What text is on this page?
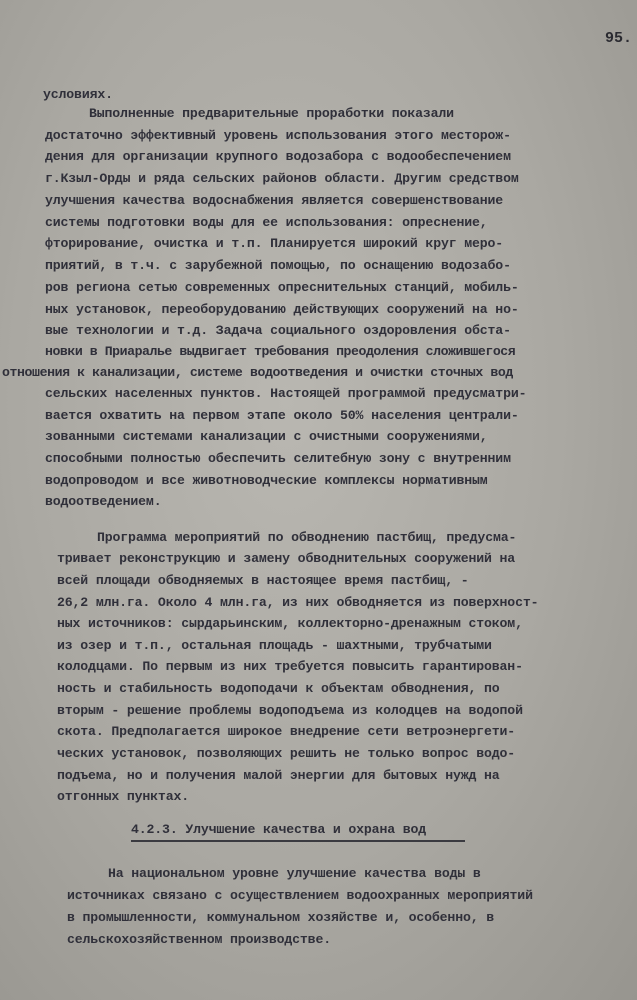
95.
условиях.
Выполненные предварительные проработки показали
достаточно эффективный уровень использования этого месторож-
дения для организации крупного водозабора с водообеспечением
г.Кзыл-Орды и ряда сельских районов области. Другим средством
улучшения качества водоснабжения является совершенствование
системы подготовки воды для ее использования: опреснение,
фторирование, очистка и т.п. Планируется широкий круг меро-
приятий, в т.ч. с зарубежной помощью, по оснащению водозабо-
ров региона сетью современных опреснительных станций, мобиль-
ных установок, переоборудованию действующих сооружений на но-
вые технологии и т.д. Задача социального оздоровления обста-
новки в Приаралье выдвигает требования преодоления сложившегося
отношения к канализации, системе водоотведения и очистки сточных вод
сельских населенных пунктов. Настоящей программой предусматри-
вается охватить на первом этапе около 50% населения централи-
зованными системами канализации с очистными сооружениями,
способными полностью обеспечить селитебную зону с внутренним
водопроводом и все животноводческие комплексы нормативным
водоотведением.
Программа мероприятий по обводнению пастбищ, предусма-
тривает реконструкцию и замену обводнительных сооружений на
всей площади обводняемых в настоящее время пастбищ, -
26,2 млн.га. Около 4 млн.га, из них обводняется из поверхност-
ных источников: сырдарьинским, коллекторно-дренажным стоком,
из озер и т.п., остальная площадь - шахтными, трубчатыми
колодцами. По первым из них требуется повысить гарантирован-
ность и стабильность водоподачи к объектам обводнения, по
вторым - решение проблемы водоподъема из колодцев на водопой
скота. Предполагается широкое внедрение сети ветроэнергети-
ческих установок, позволяющих решить не только вопрос водо-
подъема, но и получения малой энергии для бытовых нужд на
отгонных пунктах.
4.2.3. Улучшение качества и охрана вод
На национальном уровне улучшение качества воды в
источниках связано с осуществлением водоохранных мероприятий
в промышленности, коммунальном хозяйстве и, особенно, в
сельскохозяйственном производстве.
